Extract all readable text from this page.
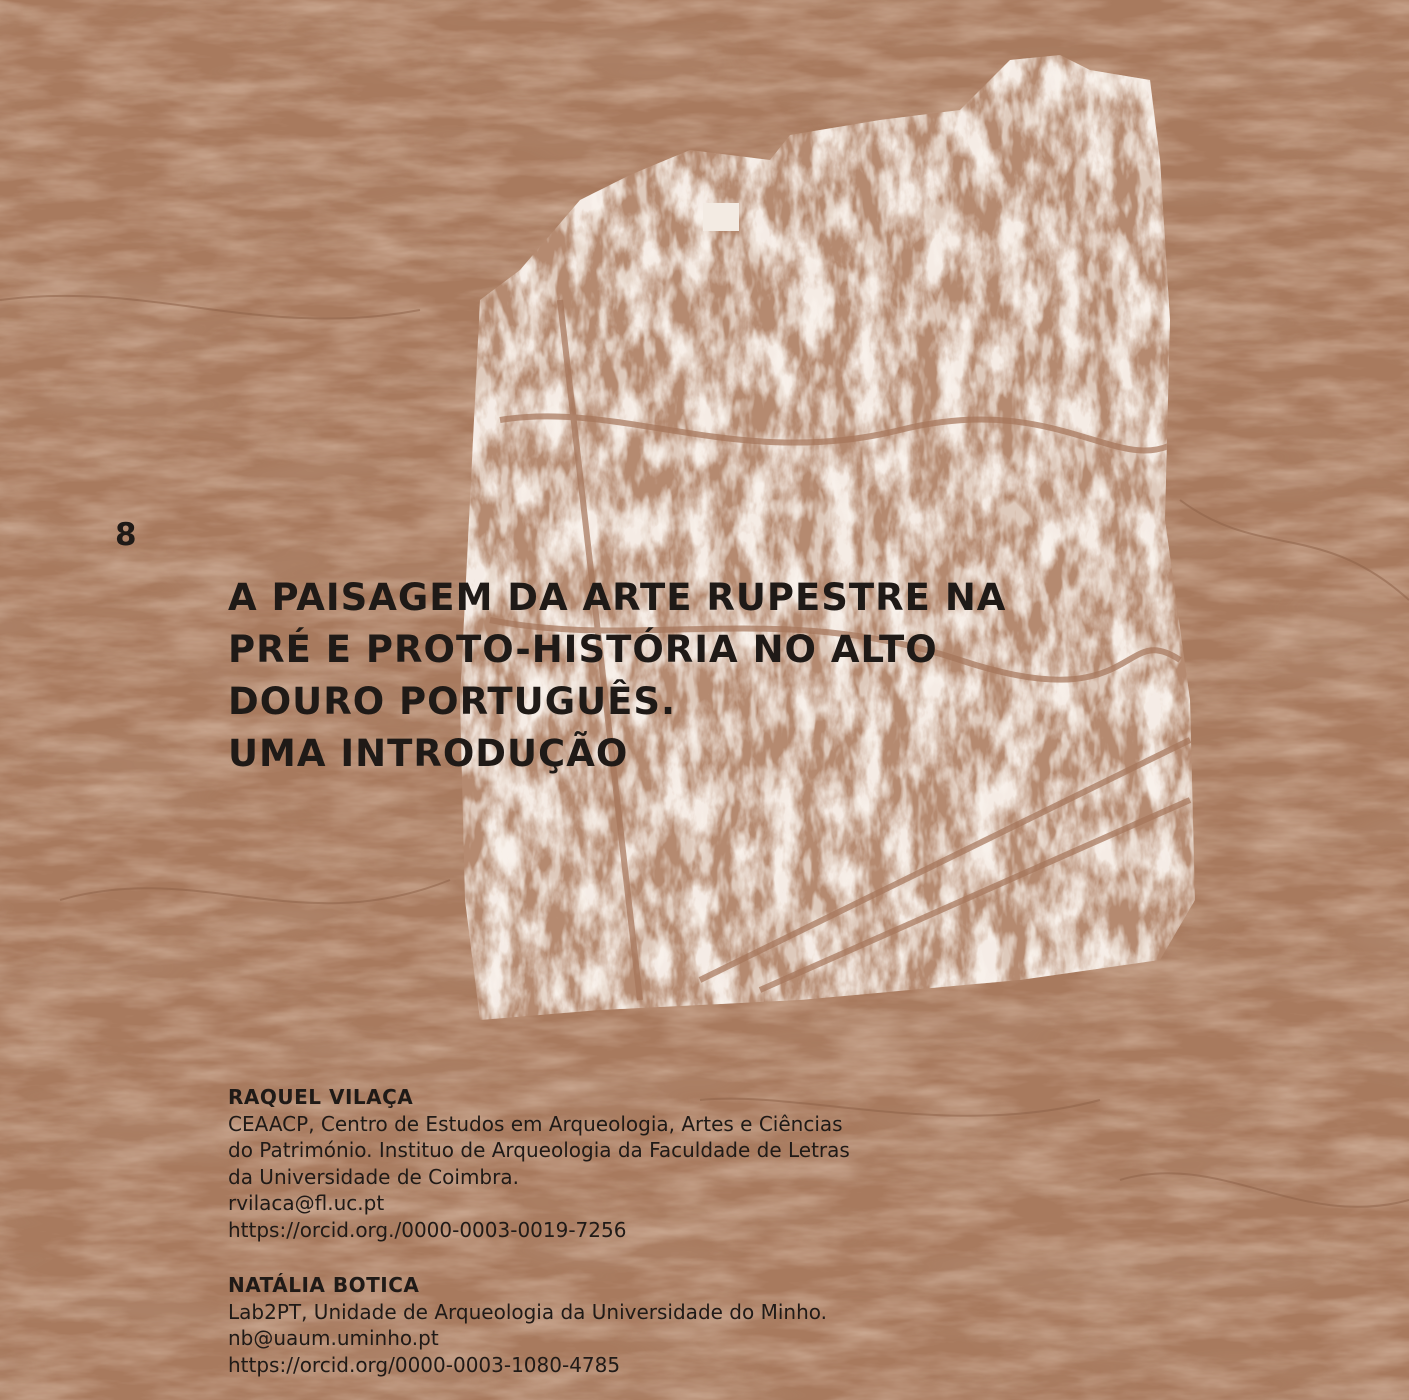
8
A PAISAGEM DA ARTE RUPESTRE NA
PRÉ E PROTO-HISTÓRIA NO ALTO
DOURO PORTUGUÊS.
UMA INTRODUÇÃO
RAQUEL VILAÇA
CEAACP, Centro de Estudos em Arqueologia, Artes e Ciências
do Património. Instituo de Arqueologia da Faculdade de Letras
da Universidade de Coimbra.
rvilaca@fl.uc.pt
https://orcid.org./0000-0003-0019-7256
NATÁLIA BOTICA
Lab2PT, Unidade de Arqueologia da Universidade do Minho.
nb@uaum.uminho.pt
https://orcid.org/0000-0003-1080-4785
